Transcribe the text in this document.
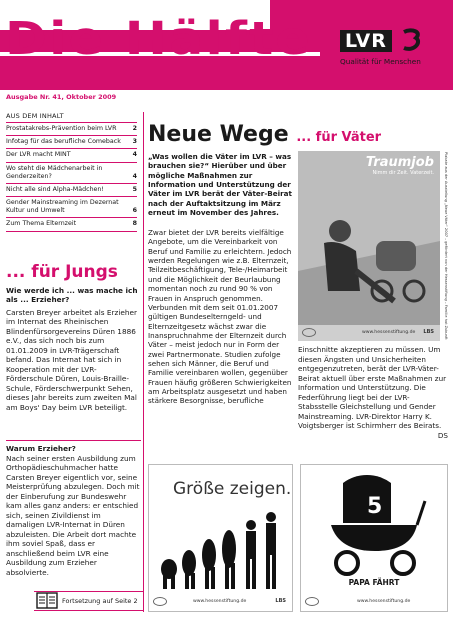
Die Hälfte
Ausgabe Nr. 41, Oktober 2009
LVR
Qualität für Menschen
AUS DEM INHALT
Prostatakrebs-Prävention beim LVR	2
Infotag für das berufliche Comeback	3
Der LVR macht MINT	4
Wo steht die Mädchenarbeit in Genderzeiten?	4
Nicht alle sind Alpha-Mädchen!	5
Gender Mainstreaming im Dezernat Kultur und Umwelt	6
Zum Thema Elternzeit	8
... für Jungs
Wie werde ich ... was mache ich als ... Erzieher?
Carsten Breyer arbeitet als Erzieher im Internat des Rheinischen Blindenfürsorgevereins Düren 1886 e.V., das sich noch bis zum 01.01.2009 in LVR-Trägerschaft befand. Das Internat hat sich in Kooperation mit der LVR-Förderschule Düren, Louis-Braille-Schule, Förderschwerpunkt Sehen, dieses Jahr bereits zum zweiten Mal am Boys' Day beim LVR beteiligt.
Warum Erzieher?
Nach seiner ersten Ausbildung zum Orthopädieschuhmacher hatte Carsten Breyer eigentlich vor, seine Meisterprüfung abzulegen. Doch mit der Einberufung zur Bundeswehr kam alles ganz anders: er entschied sich, seinen Zivildienst im damaligen LVR-Internat in Düren abzuleisten. Die Arbeit dort machte ihm soviel Spaß, dass er anschließend beim LVR eine Ausbildung zum Erzieher absolvierte.
Fortsetzung auf Seite 2
Neue Wege ... für Väter
„Was wollen die Väter im LVR – was brauchen sie?“ Hierüber und über mögliche Maßnahmen zur Information und Unterstützung der Väter im LVR berät der Väter-Beirat nach der Auftaktsitzung im März erneut im November des Jahres.
Zwar bietet der LVR bereits vielfältige Angebote, um die Vereinbarkeit von Beruf und Familie zu erleichtern. Jedoch werden Regelungen wie z.B. Elternzeit, Teilzeitbeschäftigung, Tele-/Heimarbeit und die Möglichkeit der Beurlaubung momentan noch zu rund 90 % von Frauen in Anspruch genommen. Verbunden mit dem seit 01.01.2007 gültigen Bundeselterngeld- und Elternzeitgesetz wächst zwar die Inanspruchnahme der Elternzeit durch Väter – meist jedoch nur in Form der zwei Partnermonate. Studien zufolge sehen sich Männer, die Beruf und Familie vereinbaren wollen, gegenüber Frauen häufig größeren Schwierigkeiten am Arbeitsplatz ausgesetzt und haben stärkere Besorgnisse, berufliche
Traumjob
Nimm dir Zeit. Vaterzeit.
www.hessenstiftung.de LBS	Plakate aus der Ausstellung „Neue Väter“ 2007 – gefördert von der Hessenstiftung – Familie hat Zukunft
Einschnitte akzeptieren zu müssen. Um diesen Ängsten und Unsicherheiten entgegenzutreten, berät der LVR-Väter-Beirat aktuell über erste Maßnahmen zur Information und Unterstützung. Die Federführung liegt bei der LVR-Stabsstelle Gleichstellung und Gender Mainstreaming. LVR-Direktor Harry K. Voigtsberger ist Schirmherr des Beirats.
DS
Größe zeigen.
www.hessenstiftung.de	LBS
5
PAPA FÄHRT
www.hessenstiftung.de
